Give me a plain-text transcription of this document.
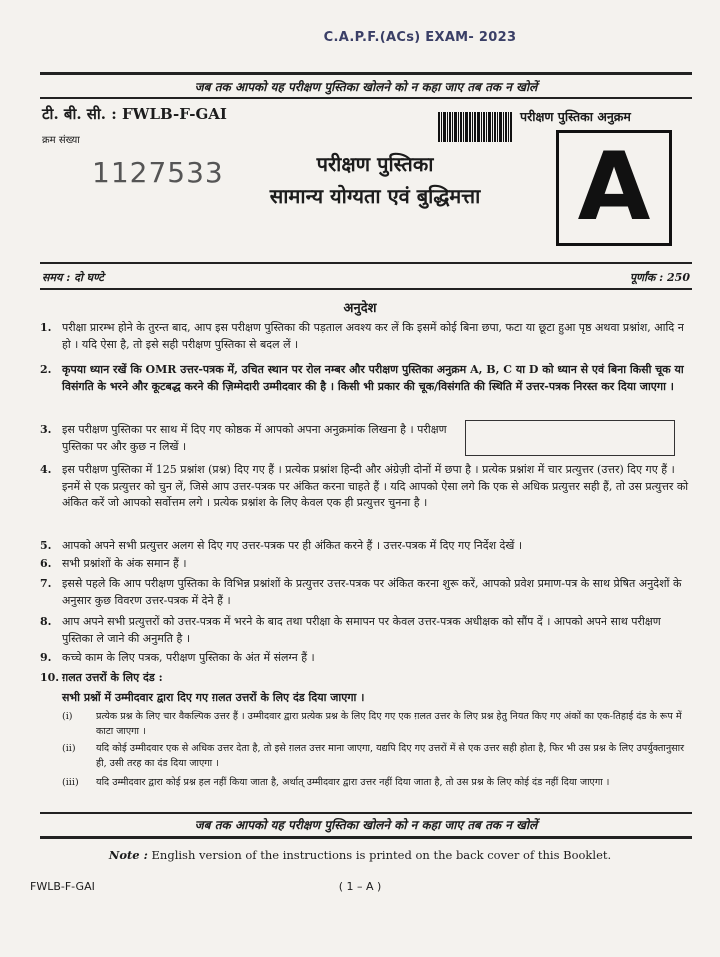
C.A.P.F.(ACs) EXAM- 2023
जब तक आपको यह परीक्षण पुस्तिका खोलने को न कहा जाए तब तक न खोलें
टी. बी. सी. : FWLB-F-GAI
क्रम संख्या
1127533	परीक्षण पुस्तिका
सामान्य योग्यता एवं बुद्धिमत्ता
परीक्षण पुस्तिका अनुक्रम
A
समय : दो घण्टे	पूर्णांक : 250
अनुदेश
1. परीक्षा प्रारम्भ होने के तुरन्त बाद, आप इस परीक्षण पुस्तिका की पड़ताल अवश्य कर लें कि इसमें कोई बिना छपा, फटा या छूटा हुआ पृष्ठ अथवा प्रश्नांश, आदि न हो । यदि ऐसा है, तो इसे सही परीक्षण पुस्तिका से बदल लें ।
2. कृपया ध्यान रखें कि OMR उत्तर-पत्रक में, उचित स्थान पर रोल नम्बर और परीक्षण पुस्तिका अनुक्रम A, B, C या D को ध्यान से एवं बिना किसी चूक या विसंगति के भरने और कूटबद्ध करने की ज़िम्मेदारी उम्मीदवार की है । किसी भी प्रकार की चूक/विसंगति की स्थिति में उत्तर-पत्रक निरस्त कर दिया जाएगा ।
3. इस परीक्षण पुस्तिका पर साथ में दिए गए कोष्ठक में आपको अपना अनुक्रमांक लिखना है । परीक्षण पुस्तिका पर और कुछ न लिखें ।
4. इस परीक्षण पुस्तिका में 125 प्रश्नांश (प्रश्न) दिए गए हैं । प्रत्येक प्रश्नांश हिन्दी और अंग्रेज़ी दोनों में छपा है । प्रत्येक प्रश्नांश में चार प्रत्युत्तर (उत्तर) दिए गए हैं । इनमें से एक प्रत्युत्तर को चुन लें, जिसे आप उत्तर-पत्रक पर अंकित करना चाहते हैं । यदि आपको ऐसा लगे कि एक से अधिक प्रत्युत्तर सही हैं, तो उस प्रत्युत्तर को अंकित करें जो आपको सर्वोत्तम लगे । प्रत्येक प्रश्नांश के लिए केवल एक ही प्रत्युत्तर चुनना है ।
5. आपको अपने सभी प्रत्युत्तर अलग से दिए गए उत्तर-पत्रक पर ही अंकित करने हैं । उत्तर-पत्रक में दिए गए निर्देश देखें ।
6. सभी प्रश्नांशों के अंक समान हैं ।
7. इससे पहले कि आप परीक्षण पुस्तिका के विभिन्न प्रश्नांशों के प्रत्युत्तर उत्तर-पत्रक पर अंकित करना शुरू करें, आपको प्रवेश प्रमाण-पत्र के साथ प्रेषित अनुदेशों के अनुसार कुछ विवरण उत्तर-पत्रक में देने हैं ।
8. आप अपने सभी प्रत्युत्तरों को उत्तर-पत्रक में भरने के बाद तथा परीक्षा के समापन पर केवल उत्तर-पत्रक अधीक्षक को सौंप दें । आपको अपने साथ परीक्षण पुस्तिका ले जाने की अनुमति है ।
9. कच्चे काम के लिए पत्रक, परीक्षण पुस्तिका के अंत में संलग्न हैं ।
10. ग़लत उत्तरों के लिए दंड :
सभी प्रश्नों में उम्मीदवार द्वारा दिए गए ग़लत उत्तरों के लिए दंड दिया जाएगा ।
(i) प्रत्येक प्रश्न के लिए चार वैकल्पिक उत्तर हैं । उम्मीदवार द्वारा प्रत्येक प्रश्न के लिए दिए गए एक ग़लत उत्तर के लिए प्रश्न हेतु नियत किए गए अंकों का एक-तिहाई दंड के रूप में काटा जाएगा ।
(ii) यदि कोई उम्मीदवार एक से अधिक उत्तर देता है, तो इसे ग़लत उत्तर माना जाएगा, यद्यपि दिए गए उत्तरों में से एक उत्तर सही होता है, फिर भी उस प्रश्न के लिए उपर्युक्तानुसार ही, उसी तरह का दंड दिया जाएगा ।
(iii) यदि उम्मीदवार द्वारा कोई प्रश्न हल नहीं किया जाता है, अर्थात् उम्मीदवार द्वारा उत्तर नहीं दिया जाता है, तो उस प्रश्न के लिए कोई दंड नहीं दिया जाएगा ।
जब तक आपको यह परीक्षण पुस्तिका खोलने को न कहा जाए तब तक न खोलें
Note : English version of the instructions is printed on the back cover of this Booklet.
FWLB-F-GAI	( 1 – A )
